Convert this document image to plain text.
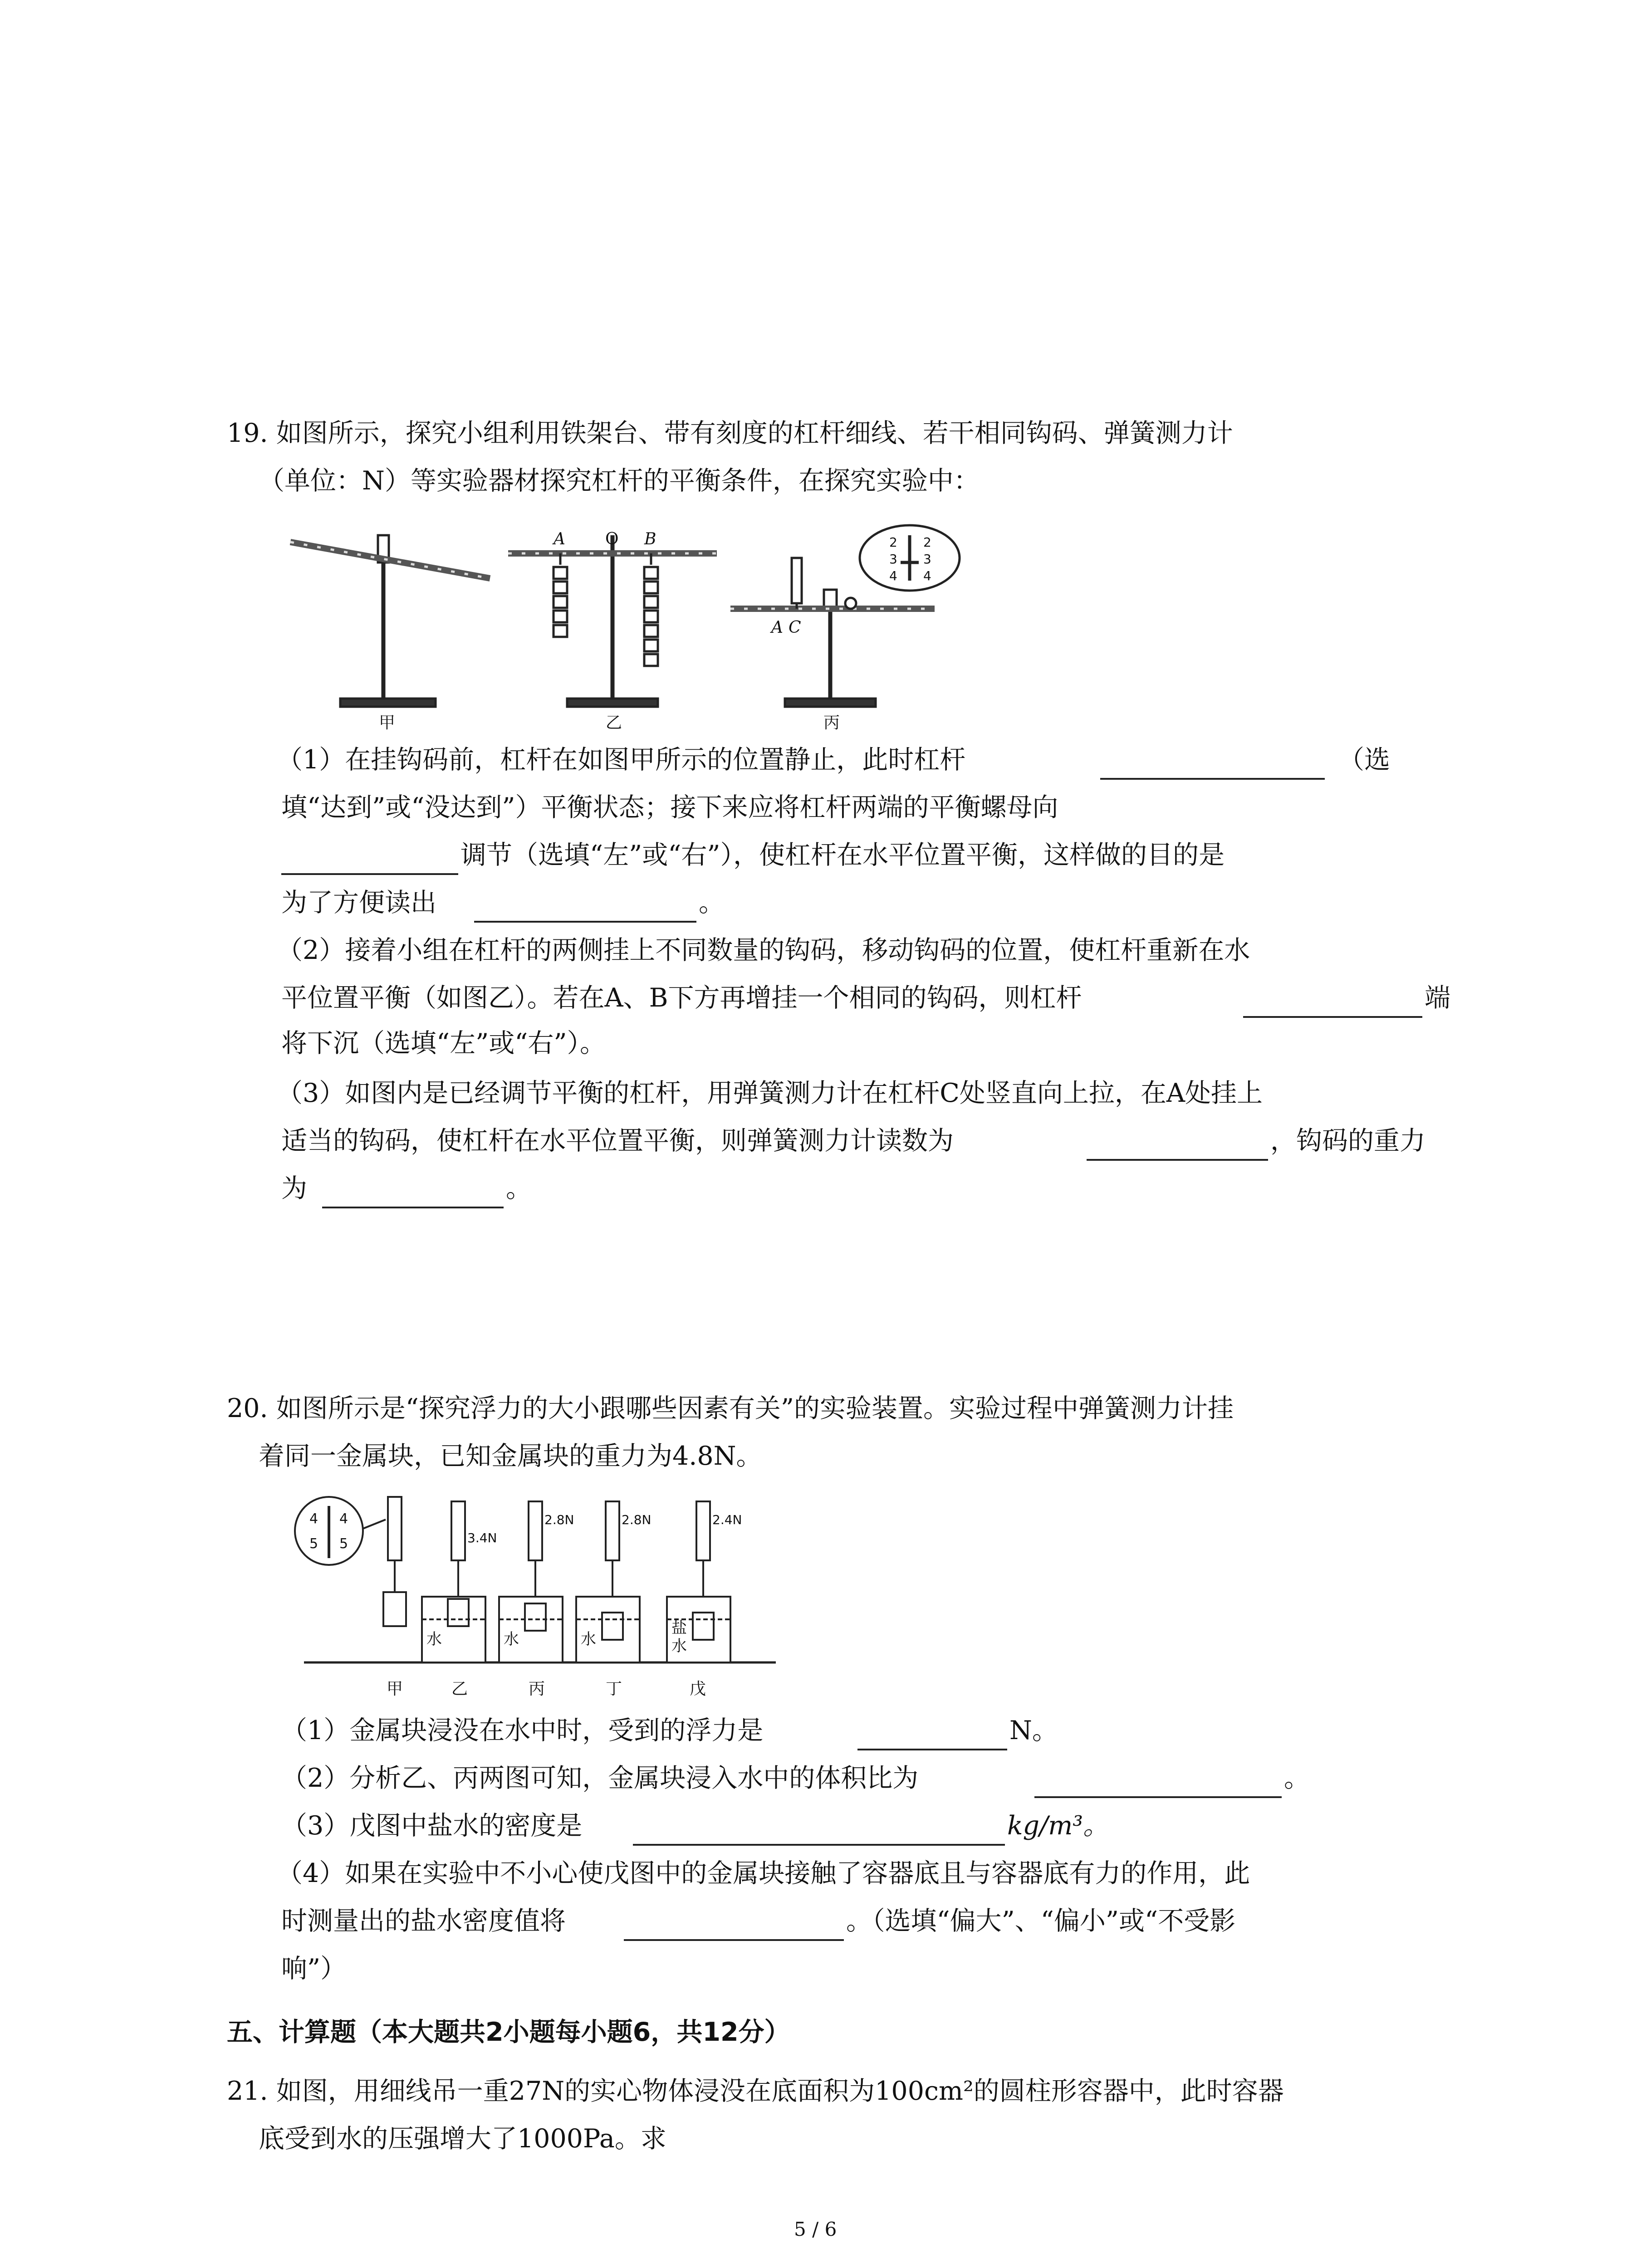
19. 如图所示，探究小组利用铁架台、带有刻度的杠杆细线、若干相同钩码、弹簧测力计
（单位：N）等实验器材探究杠杆的平衡条件，在探究实验中：
甲	乙	丙
A O B
A C
2
3
4
2
3
4
（1）在挂钩码前，杠杆在如图甲所示的位置静止，此时杠杆	（选
填“达到”或“没达到”）平衡状态；接下来应将杠杆两端的平衡螺母向
调节（选填“左”或“右”），使杠杆在水平位置平衡，这样做的目的是
为了方便读出	。
（2）接着小组在杠杆的两侧挂上不同数量的钩码，移动钩码的位置，使杠杆重新在水
平位置平衡（如图乙）。若在A、B下方再增挂一个相同的钩码，则杠杆	端
将下沉（选填“左”或“右”）。
（3）如图内是已经调节平衡的杠杆，用弹簧测力计在杠杆C处竖直向上拉，在A处挂上
适当的钩码，使杠杆在水平位置平衡，则弹簧测力计读数为	，钩码的重力
为	。
20. 如图所示是“探究浮力的大小跟哪些因素有关”的实验装置。实验过程中弹簧测力计挂
着同一金属块，已知金属块的重力为4.8N。
4
5
4
5	3.4N
2.8N	2.8N	2.4N
水	水	水
盐
水
甲	乙	丙	丁	戊
（1）金属块浸没在水中时，受到的浮力是	N。
（2）分析乙、丙两图可知，金属块浸入水中的体积比为	。
（3）戊图中盐水的密度是	kg/m³。
（4）如果在实验中不小心使戊图中的金属块接触了容器底且与容器底有力的作用，此
时测量出的盐水密度值将	。（选填“偏大”、“偏小”或“不受影
响”）
五、计算题（本大题共2小题每小题6，共12分）
21. 如图，用细线吊一重27N的实心物体浸没在底面积为100cm²的圆柱形容器中，此时容器
底受到水的压强增大了1000Pa。求
5 / 6
